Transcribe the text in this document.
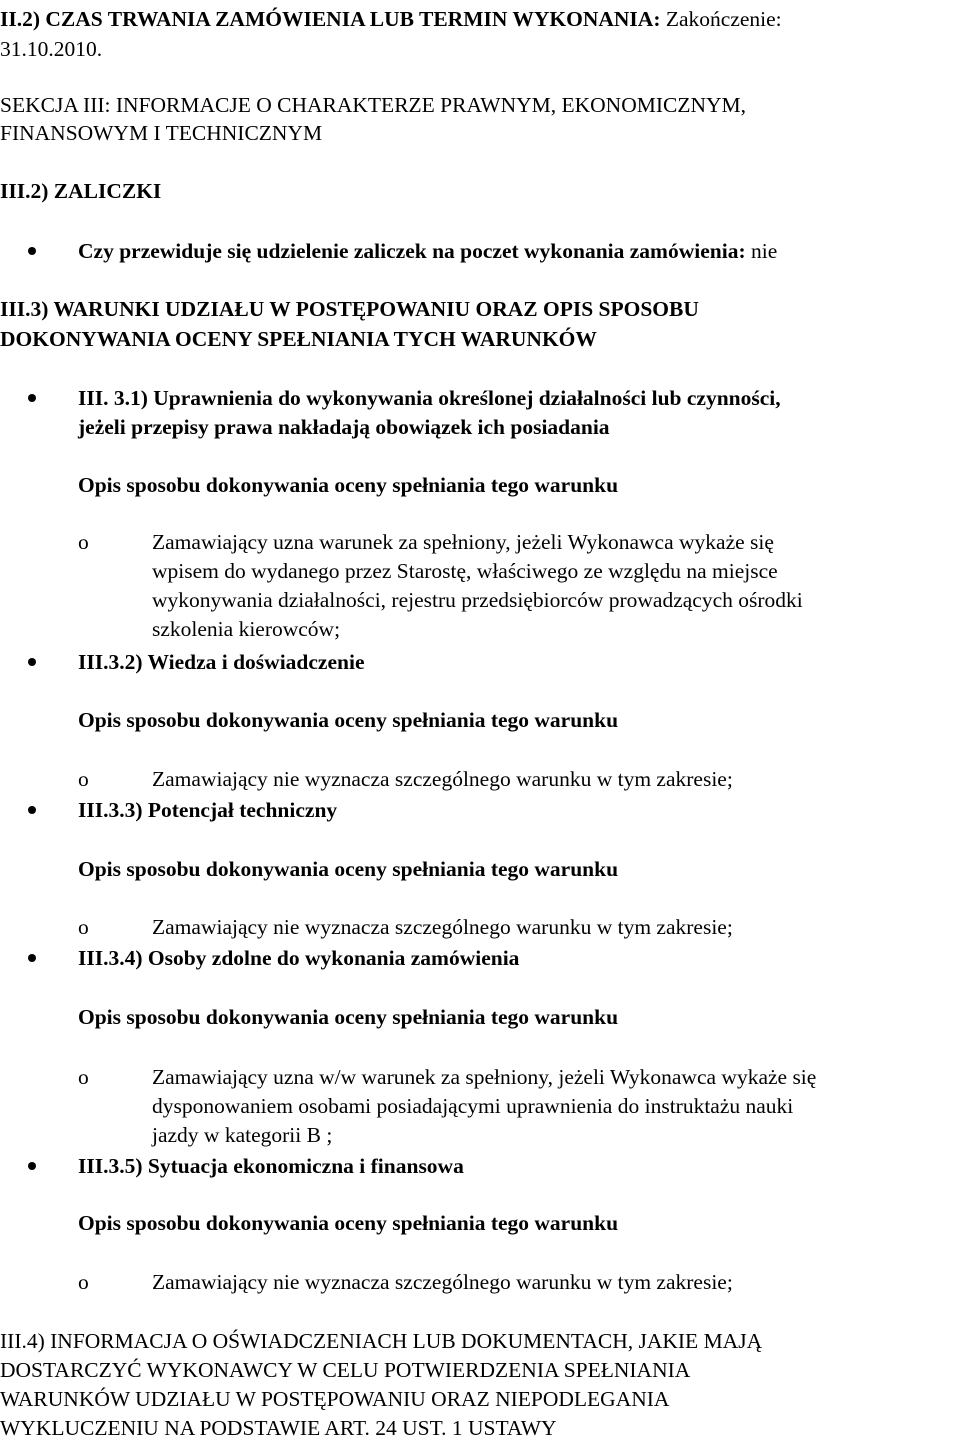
II.2) CZAS TRWANIA ZAMÓWIENIA LUB TERMIN WYKONANIA: Zakończenie:
31.10.2010.
SEKCJA III: INFORMACJE O CHARAKTERZE PRAWNYM, EKONOMICZNYM,
FINANSOWYM I TECHNICZNYM
III.2) ZALICZKI
Czy przewiduje się udzielenie zaliczek na poczet wykonania zamówienia: nie
III.3) WARUNKI UDZIAŁU W POSTĘPOWANIU ORAZ OPIS SPOSOBU
DOKONYWANIA OCENY SPEŁNIANIA TYCH WARUNKÓW
III. 3.1) Uprawnienia do wykonywania określonej działalności lub czynności,
jeżeli przepisy prawa nakładają obowiązek ich posiadania
Opis sposobu dokonywania oceny spełniania tego warunku
o	Zamawiający uzna warunek za spełniony, jeżeli Wykonawca wykaże się
wpisem do wydanego przez Starostę, właściwego ze względu na miejsce
wykonywania działalności, rejestru przedsiębiorców prowadzących ośrodki
szkolenia kierowców;
III.3.2) Wiedza i doświadczenie
Opis sposobu dokonywania oceny spełniania tego warunku
o	Zamawiający nie wyznacza szczególnego warunku w tym zakresie;
III.3.3) Potencjał techniczny
Opis sposobu dokonywania oceny spełniania tego warunku
o	Zamawiający nie wyznacza szczególnego warunku w tym zakresie;
III.3.4) Osoby zdolne do wykonania zamówienia
Opis sposobu dokonywania oceny spełniania tego warunku
o	Zamawiający uzna w/w warunek za spełniony, jeżeli Wykonawca wykaże się
dysponowaniem osobami posiadającymi uprawnienia do instruktażu nauki
jazdy w kategorii B ;
III.3.5) Sytuacja ekonomiczna i finansowa
Opis sposobu dokonywania oceny spełniania tego warunku
o	Zamawiający nie wyznacza szczególnego warunku w tym zakresie;
III.4) INFORMACJA O OŚWIADCZENIACH LUB DOKUMENTACH, JAKIE MAJĄ
DOSTARCZYĆ WYKONAWCY W CELU POTWIERDZENIA SPEŁNIANIA
WARUNKÓW UDZIAŁU W POSTĘPOWANIU ORAZ NIEPODLEGANIA
WYKLUCZENIU NA PODSTAWIE ART. 24 UST. 1 USTAWY
